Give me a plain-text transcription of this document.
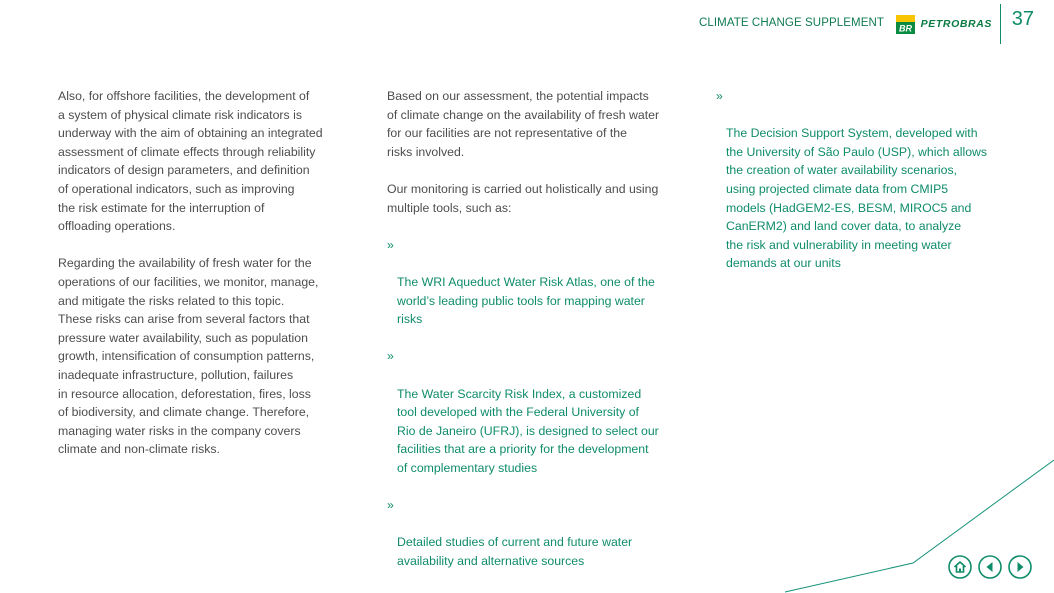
CLIMATE CHANGE SUPPLEMENT BR PETROBRAS 37

Also, for offshore facilities, the development of
a system of physical climate risk indicators is
underway with the aim of obtaining an integrated
assessment of climate effects through reliability
indicators of design parameters, and definition
of operational indicators, such as improving
the risk estimate for the interruption of
offloading operations.

Regarding the availability of fresh water for the
operations of our facilities, we monitor, manage,
and mitigate the risks related to this topic.
These risks can arise from several factors that
pressure water availability, such as population
growth, intensification of consumption patterns,
inadequate infrastructure, pollution, failures
in resource allocation, deforestation, fires, loss
of biodiversity, and climate change. Therefore,
managing water risks in the company covers
climate and non-climate risks.

Based on our assessment, the potential impacts
of climate change on the availability of fresh water
for our facilities are not representative of the
risks involved.

Our monitoring is carried out holistically and using
multiple tools, such as:

»

The WRI Aqueduct Water Risk Atlas, one of the
world’s leading public tools for mapping water
risks

»

The Water Scarcity Risk Index, a customized
tool developed with the Federal University of
Rio de Janeiro (UFRJ), is designed to select our
facilities that are a priority for the development
of complementary studies

»

Detailed studies of current and future water
availability and alternative sources

»

The Decision Support System, developed with
the University of São Paulo (USP), which allows
the creation of water availability scenarios,
using projected climate data from CMIP5
models (HadGEM2-ES, BESM, MIROC5 and
CanERM2) and land cover data, to analyze
the risk and vulnerability in meeting water
demands at our units
